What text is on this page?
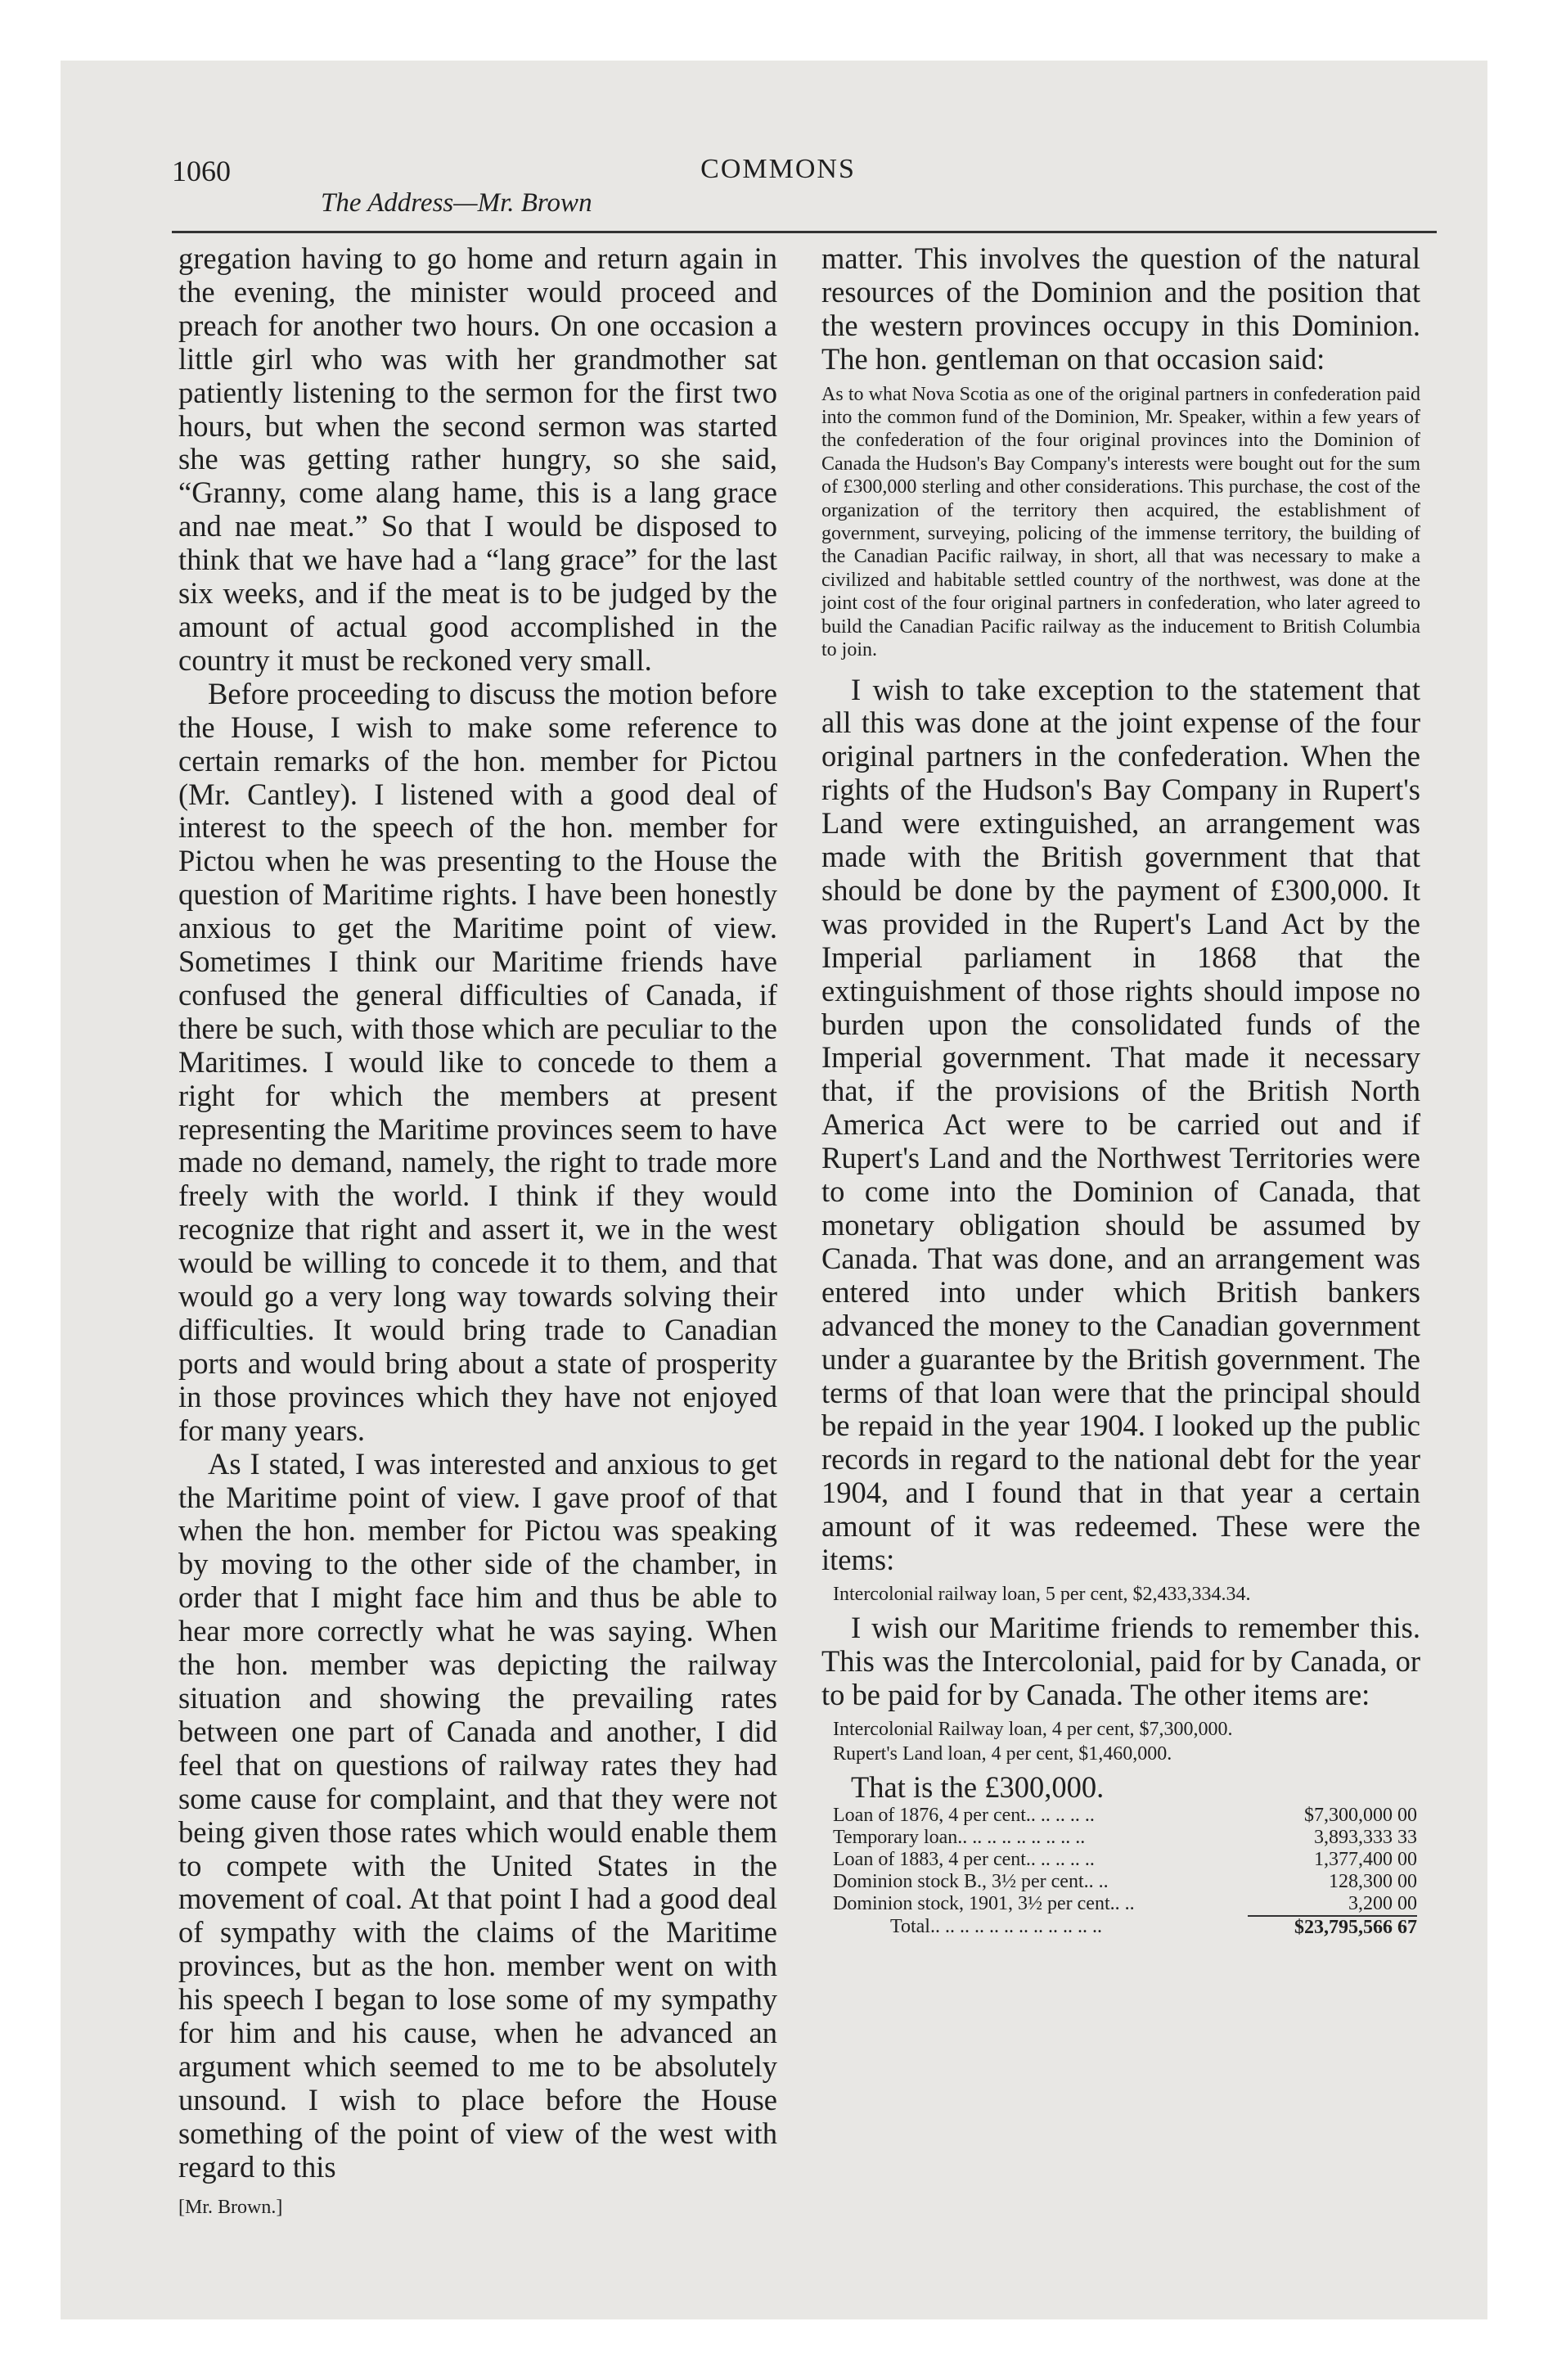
1060	COMMONS
The Address—Mr. Brown

gregation having to go home and return again in the evening, the minister would proceed and preach for another two hours. On one occasion a little girl who was with her grandmother sat patiently listening to the sermon for the first two hours, but when the second sermon was started she was getting rather hungry, so she said, “Granny, come alang hame, this is a lang grace and nae meat.” So that I would be disposed to think that we have had a “lang grace” for the last six weeks, and if the meat is to be judged by the amount of actual good accomplished in the country it must be reckoned very small.

Before proceeding to discuss the motion before the House, I wish to make some reference to certain remarks of the hon. member for Pictou (Mr. Cantley). I listened with a good deal of interest to the speech of the hon. member for Pictou when he was presenting to the House the question of Maritime rights. I have been honestly anxious to get the Maritime point of view. Sometimes I think our Maritime friends have confused the general difficulties of Canada, if there be such, with those which are peculiar to the Maritimes. I would like to concede to them a right for which the members at present representing the Maritime provinces seem to have made no demand, namely, the right to trade more freely with the world. I think if they would recognize that right and assert it, we in the west would be willing to concede it to them, and that would go a very long way towards solving their difficulties. It would bring trade to Canadian ports and would bring about a state of prosperity in those provinces which they have not enjoyed for many years.

As I stated, I was interested and anxious to get the Maritime point of view. I gave proof of that when the hon. member for Pictou was speaking by moving to the other side of the chamber, in order that I might face him and thus be able to hear more correctly what he was saying. When the hon. member was depicting the railway situation and showing the prevailing rates between one part of Canada and another, I did feel that on questions of railway rates they had some cause for complaint, and that they were not being given those rates which would enable them to compete with the United States in the movement of coal. At that point I had a good deal of sympathy with the claims of the Maritime provinces, but as the hon. member went on with his speech I began to lose some of my sympathy for him and his cause, when he advanced an argument which seemed to me to be absolutely unsound. I wish to place before the House something of the point of view of the west with regard to this

[Mr. Brown.]

matter. This involves the question of the natural resources of the Dominion and the position that the western provinces occupy in this Dominion. The hon. gentleman on that occasion said:

As to what Nova Scotia as one of the original partners in confederation paid into the common fund of the Dominion, Mr. Speaker, within a few years of the confederation of the four original provinces into the Dominion of Canada the Hudson's Bay Company's interests were bought out for the sum of £300,000 sterling and other considerations. This purchase, the cost of the organization of the territory then acquired, the establishment of government, surveying, policing of the immense territory, the building of the Canadian Pacific railway, in short, all that was necessary to make a civilized and habitable settled country of the northwest, was done at the joint cost of the four original partners in confederation, who later agreed to build the Canadian Pacific railway as the inducement to British Columbia to join.

I wish to take exception to the statement that all this was done at the joint expense of the four original partners in the confederation. When the rights of the Hudson's Bay Company in Rupert's Land were extinguished, an arrangement was made with the British government that that should be done by the payment of £300,000. It was provided in the Rupert's Land Act by the Imperial parliament in 1868 that the extinguishment of those rights should impose no burden upon the consolidated funds of the Imperial government. That made it necessary that, if the provisions of the British North America Act were to be carried out and if Rupert's Land and the Northwest Territories were to come into the Dominion of Canada, that monetary obligation should be assumed by Canada. That was done, and an arrangement was entered into under which British bankers advanced the money to the Canadian government under a guarantee by the British government. The terms of that loan were that the principal should be repaid in the year 1904. I looked up the public records in regard to the national debt for the year 1904, and I found that in that year a certain amount of it was redeemed. These were the items:

Intercolonial railway loan, 5 per cent, $2,433,334.34.

I wish our Maritime friends to remember this. This was the Intercolonial, paid for by Canada, or to be paid for by Canada. The other items are:

Intercolonial Railway loan, 4 per cent, $7,300,000.

Rupert's Land loan, 4 per cent, $1,460,000.

That is the £300,000.

Loan of 1876, 4 per cent.. .. .. .. ..	$7,300,000 00
Temporary loan.. .. .. .. .. .. .. .. ..	3,893,333 33
Loan of 1883, 4 per cent.. .. .. .. ..	1,377,400 00
Dominion stock B., 3½ per cent.. ..	128,300 00
Dominion stock, 1901, 3½ per cent.. ..	3,200 00
Total.. .. .. .. .. .. .. .. .. .. .. ..	$23,795,566 67
